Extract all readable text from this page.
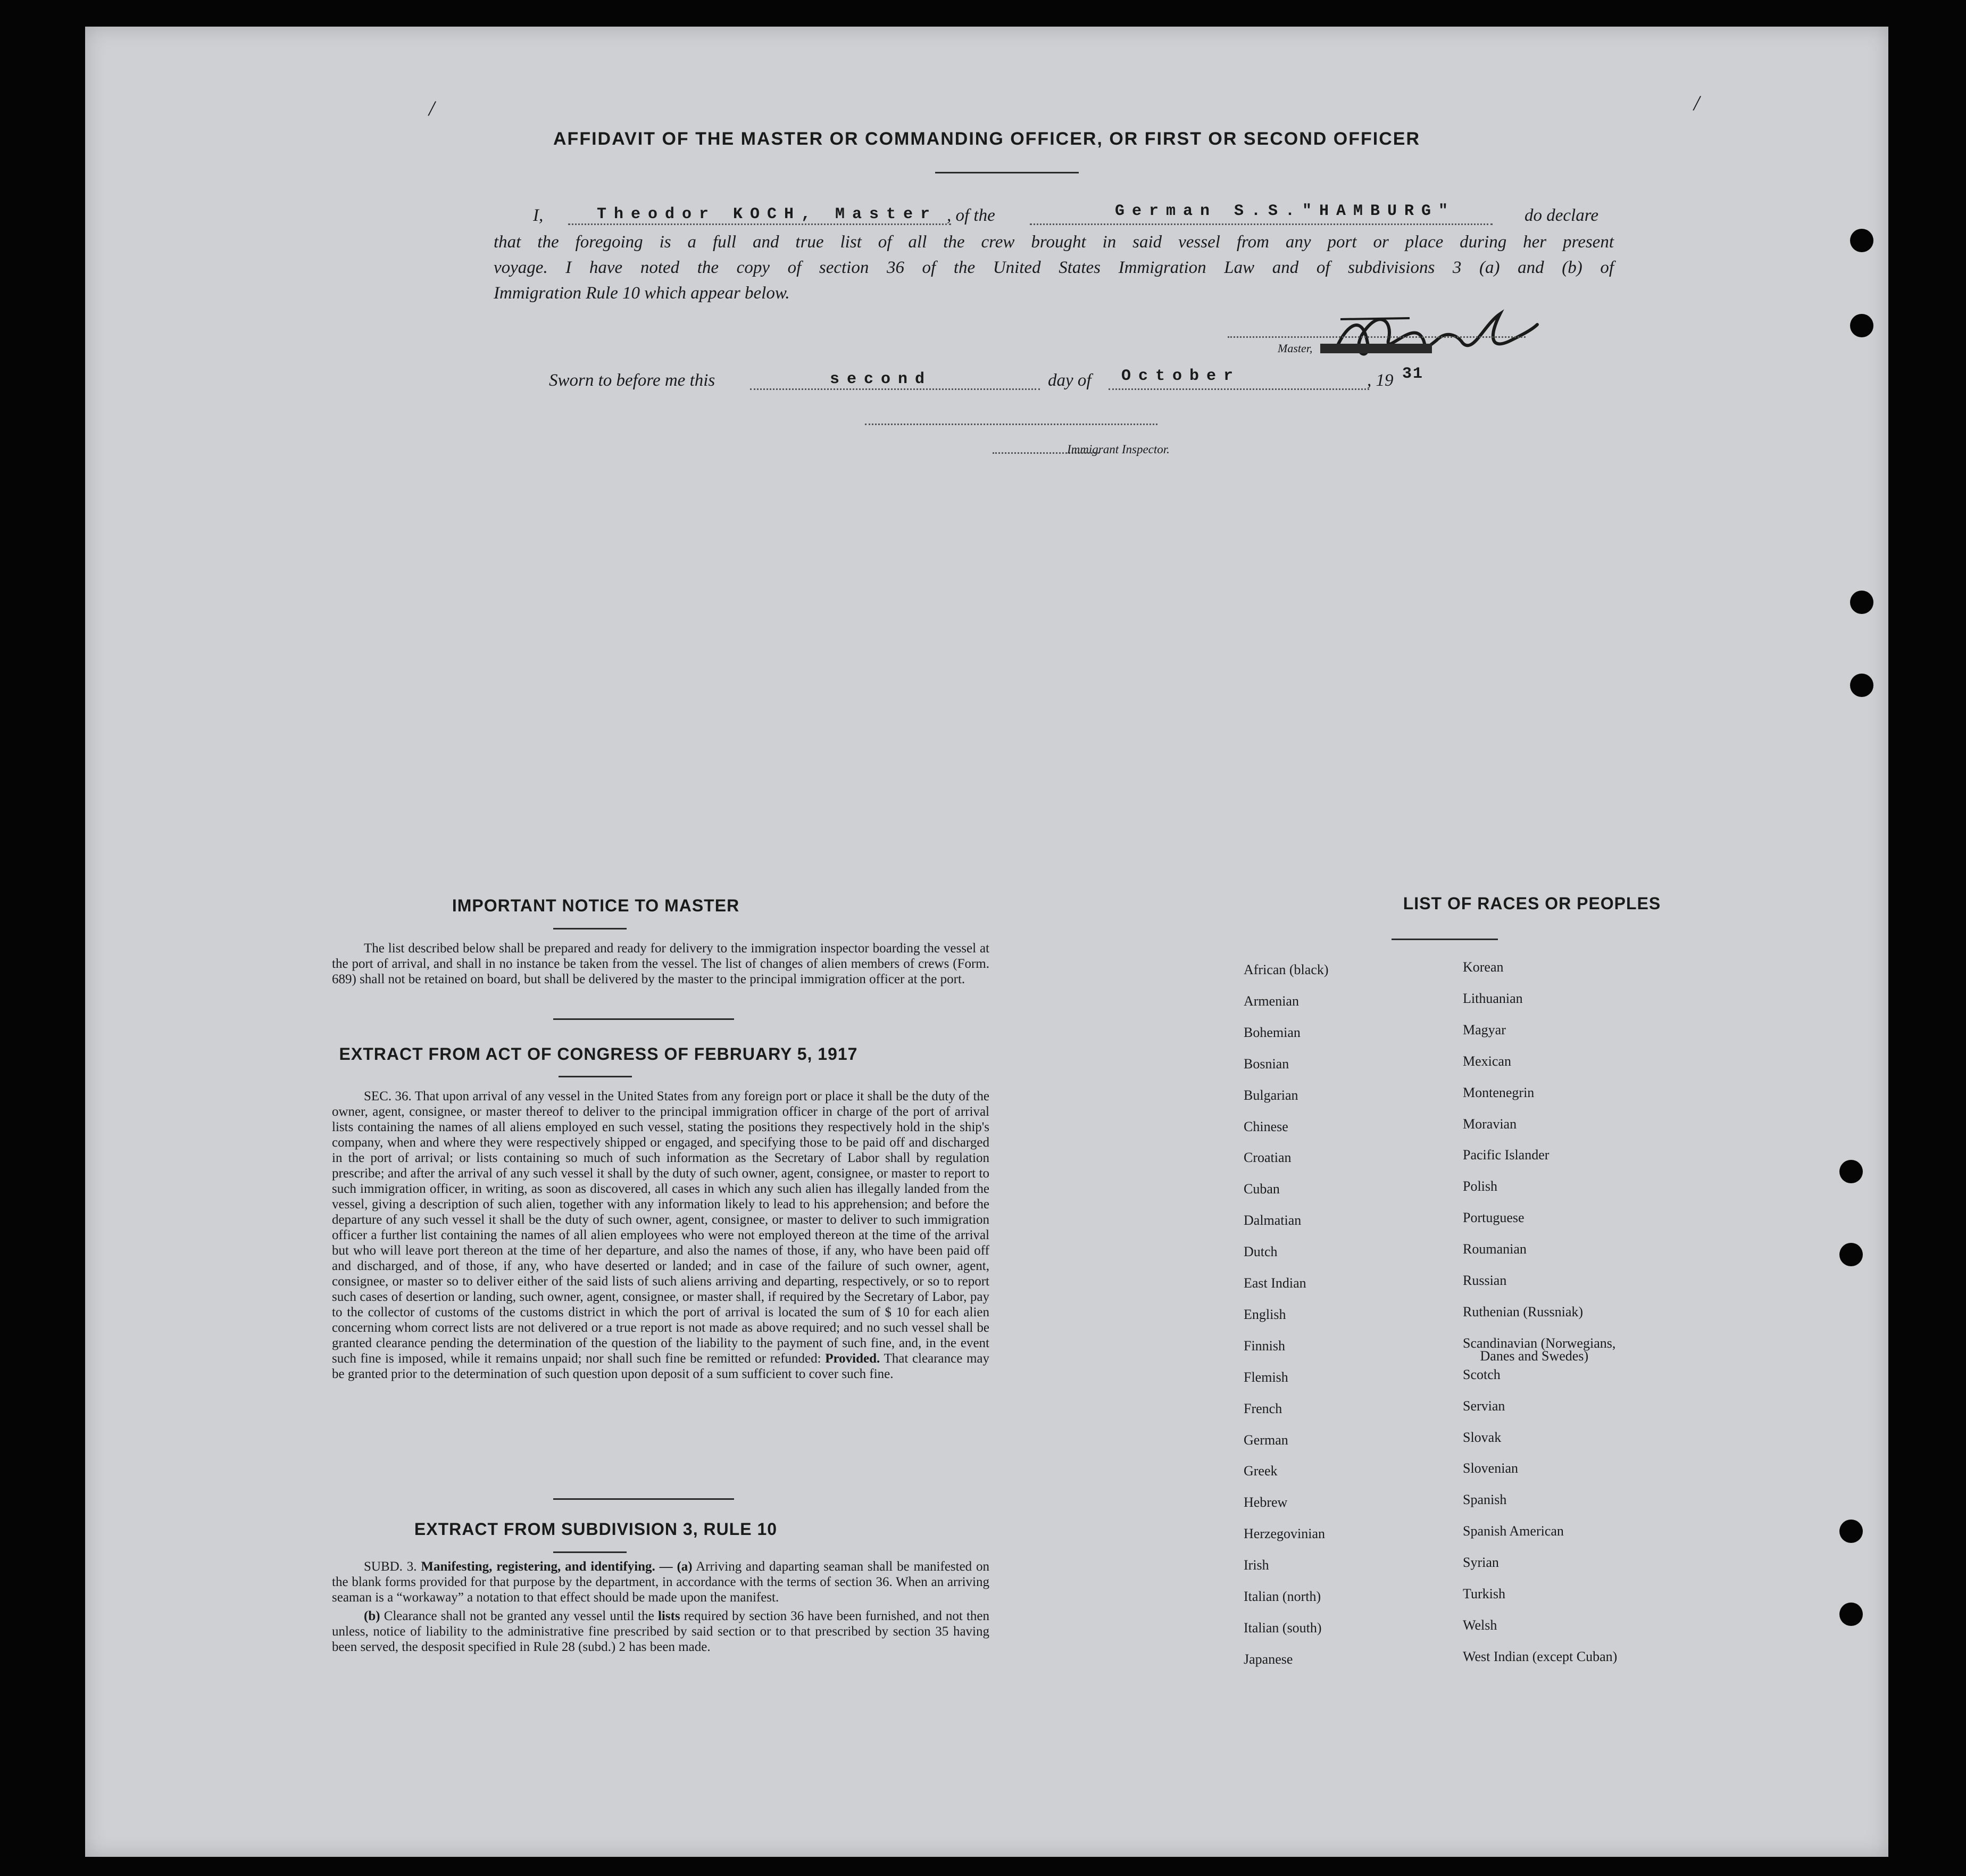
/	/
AFFIDAVIT OF THE MASTER OR COMMANDING OFFICER, OR FIRST OR SECOND OFFICER
I,	Theodor KOCH, Master , of the	German S.S."HAMBURG"	do declare
that the foregoing is a full and true list of all the crew brought in said vessel from any port or place during her present
voyage. I have noted the copy of section 36 of the United States Immigration Law and of subdivisions 3 (a) and (b) of
Immigration Rule 10 which appear below.
Master,
Sworn to before me this	second	day of October	, 19 31
Immigrant Inspector.
IMPORTANT NOTICE TO MASTER

The list described below shall be prepared and ready for delivery to the immigration inspector boarding the vessel at the port of arrival, and shall in no instance be taken from the vessel. The list of changes of alien members of crews (Form. 689) shall not be retained on board, but shall be delivered by the master to the principal immigration officer at the port.

EXTRACT FROM ACT OF CONGRESS OF FEBRUARY 5, 1917

SEC. 36. That upon arrival of any vessel in the United States from any foreign port or place it shall be the duty of the owner, agent, consignee, or master thereof to deliver to the principal immigration officer in charge of the port of arrival lists containing the names of all aliens employed en such vessel, stating the positions they respectively hold in the ship's company, when and where they were respectively shipped or engaged, and specifying those to be paid off and discharged in the port of arrival; or lists containing so much of such information as the Secretary of Labor shall by regulation prescribe; and after the arrival of any such vessel it shall by the duty of such owner, agent, consignee, or master to report to such immigration officer, in writing, as soon as discovered, all cases in which any such alien has illegally landed from the vessel, giving a description of such alien, together with any information likely to lead to his apprehension; and before the departure of any such vessel it shall be the duty of such owner, agent, consignee, or master to deliver to such immigration officer a further list containing the names of all alien employees who were not employed thereon at the time of the arrival but who will leave port thereon at the time of her departure, and also the names of those, if any, who have been paid off and discharged, and of those, if any, who have deserted or landed; and in case of the failure of such owner, agent, consignee, or master so to deliver either of the said lists of such aliens arriving and departing, respectively, or so to report such cases of desertion or landing, such owner, agent, consignee, or master shall, if required by the Secretary of Labor, pay to the collector of customs of the customs district in which the port of arrival is located the sum of $ 10 for each alien concerning whom correct lists are not delivered or a true report is not made as above required; and no such vessel shall be granted clearance pending the determination of the question of the liability to the payment of such fine, and, in the event such fine is imposed, while it remains unpaid; nor shall such fine be remitted or refunded: Provided. That clearance may be granted prior to the determination of such question upon deposit of a sum sufficient to cover such fine.

EXTRACT FROM SUBDIVISION 3, RULE 10

SUBD. 3. Manifesting, registering, and identifying. — (a) Arriving and daparting seaman shall be manifested on the blank forms provided for that purpose by the department, in accordance with the terms of section 36. When an arriving seaman is a “workaway” a notation to that effect should be made upon the manifest.

(b) Clearance shall not be granted any vessel until the lists required by section 36 have been furnished, and not then unless, notice of liability to the administrative fine prescribed by said section or to that prescribed by section 35 having been served, the desposit specified in Rule 28 (subd.) 2 has been made.

LIST OF RACES OR PEOPLES
African (black)
Armenian
Bohemian
Bosnian
Bulgarian
Chinese
Croatian
Cuban
Dalmatian
Dutch
East Indian
English
Finnish
Flemish
French
German
Greek
Hebrew
Herzegovinian
Irish
Italian (north)
Italian (south)
Japanese
Korean
Lithuanian
Magyar
Mexican
Montenegrin
Moravian
Pacific Islander
Polish
Portuguese
Roumanian
Russian
Ruthenian (Russniak)
Scandinavian (Norwegians,
Danes and Swedes)
Scotch
Servian
Slovak
Slovenian
Spanish
Spanish American
Syrian
Turkish
Welsh
West Indian (except Cuban)
